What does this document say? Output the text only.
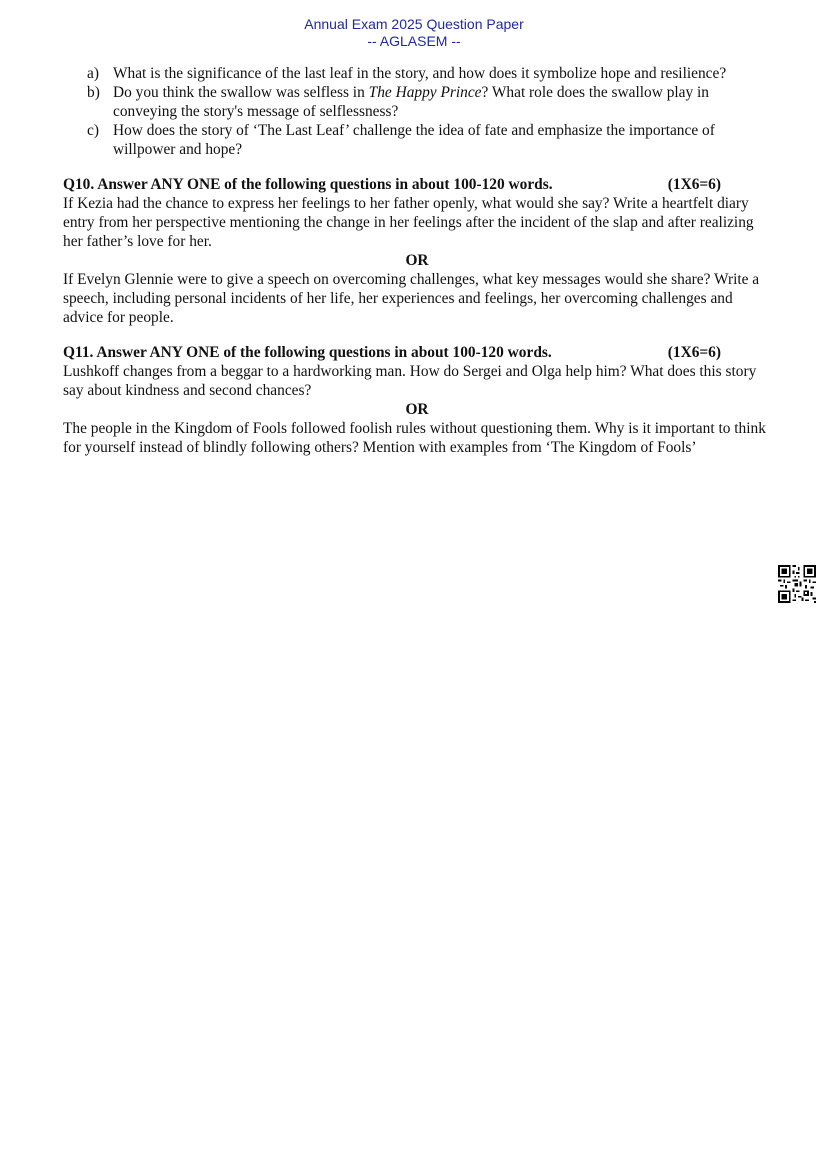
Annual Exam 2025 Question Paper
-- AGLASEM --
a) What is the significance of the last leaf in the story, and how does it symbolize hope and resilience?
b) Do you think the swallow was selfless in The Happy Prince? What role does the swallow play in conveying the story's message of selflessness?
c) How does the story of ‘The Last Leaf’ challenge the idea of fate and emphasize the importance of willpower and hope?
Q10. Answer ANY ONE of the following questions in about 100-120 words.	(1X6=6)

If Kezia had the chance to express her feelings to her father openly, what would she say? Write a heartfelt diary entry from her perspective mentioning the change in her feelings after the incident of the slap and after realizing her father’s love for her.

OR

If Evelyn Glennie were to give a speech on overcoming challenges, what key messages would she share? Write a speech, including personal incidents of her life, her experiences and feelings, her overcoming challenges and advice for people.

Q11. Answer ANY ONE of the following questions in about 100-120 words.	(1X6=6)

Lushkoff changes from a beggar to a hardworking man. How do Sergei and Olga help him? What does this story say about kindness and second chances?

OR

The people in the Kingdom of Fools followed foolish rules without questioning them. Why is it important to think for yourself instead of blindly following others? Mention with examples from ‘The Kingdom of Fools’
